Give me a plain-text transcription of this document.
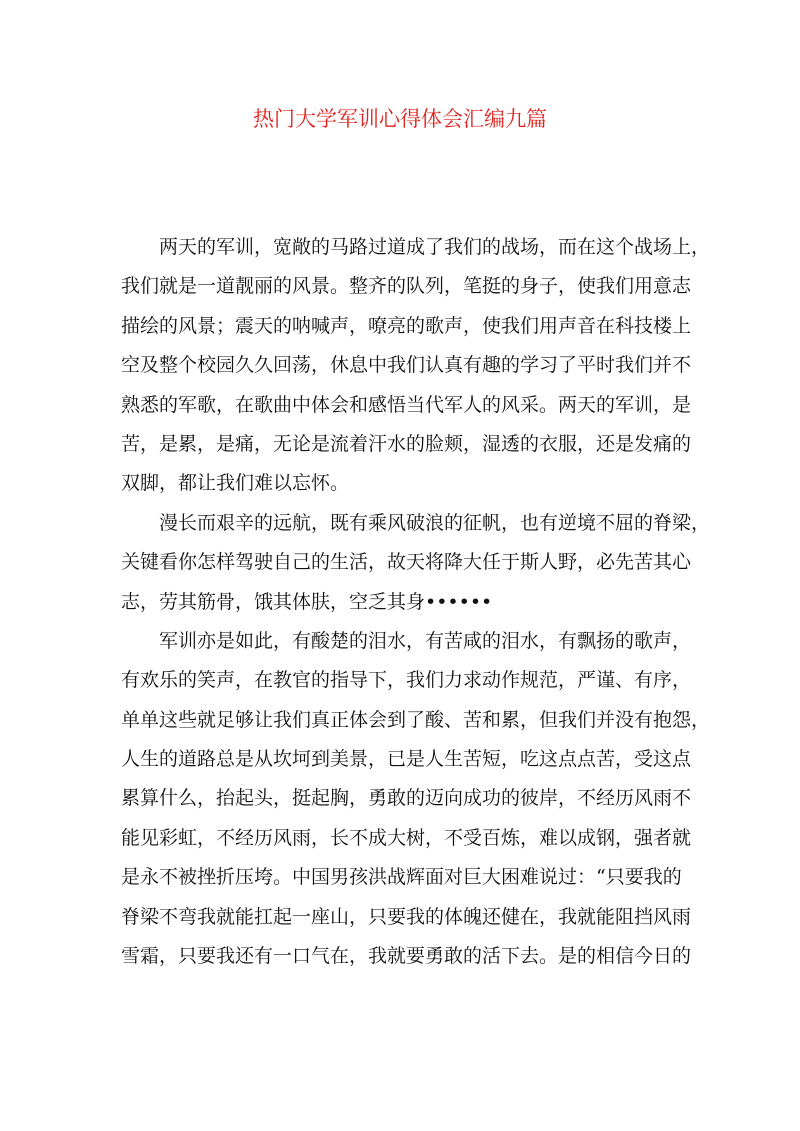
热门大学军训心得体会汇编九篇
两天的军训，宽敞的马路过道成了我们的战场，而在这个战场上，
我们就是一道靓丽的风景。整齐的队列，笔挺的身子，使我们用意志
描绘的风景；震天的呐喊声，嘹亮的歌声，使我们用声音在科技楼上
空及整个校园久久回荡，休息中我们认真有趣的学习了平时我们并不
熟悉的军歌，在歌曲中体会和感悟当代军人的风采。两天的军训，是
苦，是累，是痛，无论是流着汗水的脸颊，湿透的衣服，还是发痛的
双脚，都让我们难以忘怀。
漫长而艰辛的远航，既有乘风破浪的征帆，也有逆境不屈的脊梁，
关键看你怎样驾驶自己的生活，故天将降大任于斯人野，必先苦其心
志，劳其筋骨，饿其体肤，空乏其身••••••
军训亦是如此，有酸楚的泪水，有苦咸的泪水，有飘扬的歌声，
有欢乐的笑声，在教官的指导下，我们力求动作规范，严谨、有序，
单单这些就足够让我们真正体会到了酸、苦和累，但我们并没有抱怨，
人生的道路总是从坎坷到美景，已是人生苦短，吃这点点苦，受这点
累算什么，抬起头，挺起胸，勇敢的迈向成功的彼岸，不经历风雨不
能见彩虹，不经历风雨，长不成大树，不受百炼，难以成钢，强者就
是永不被挫折压垮。中国男孩洪战辉面对巨大困难说过：“只要我的
脊梁不弯我就能扛起一座山，只要我的体魄还健在，我就能阻挡风雨
雪霜，只要我还有一口气在，我就要勇敢的活下去。是的相信今日的
